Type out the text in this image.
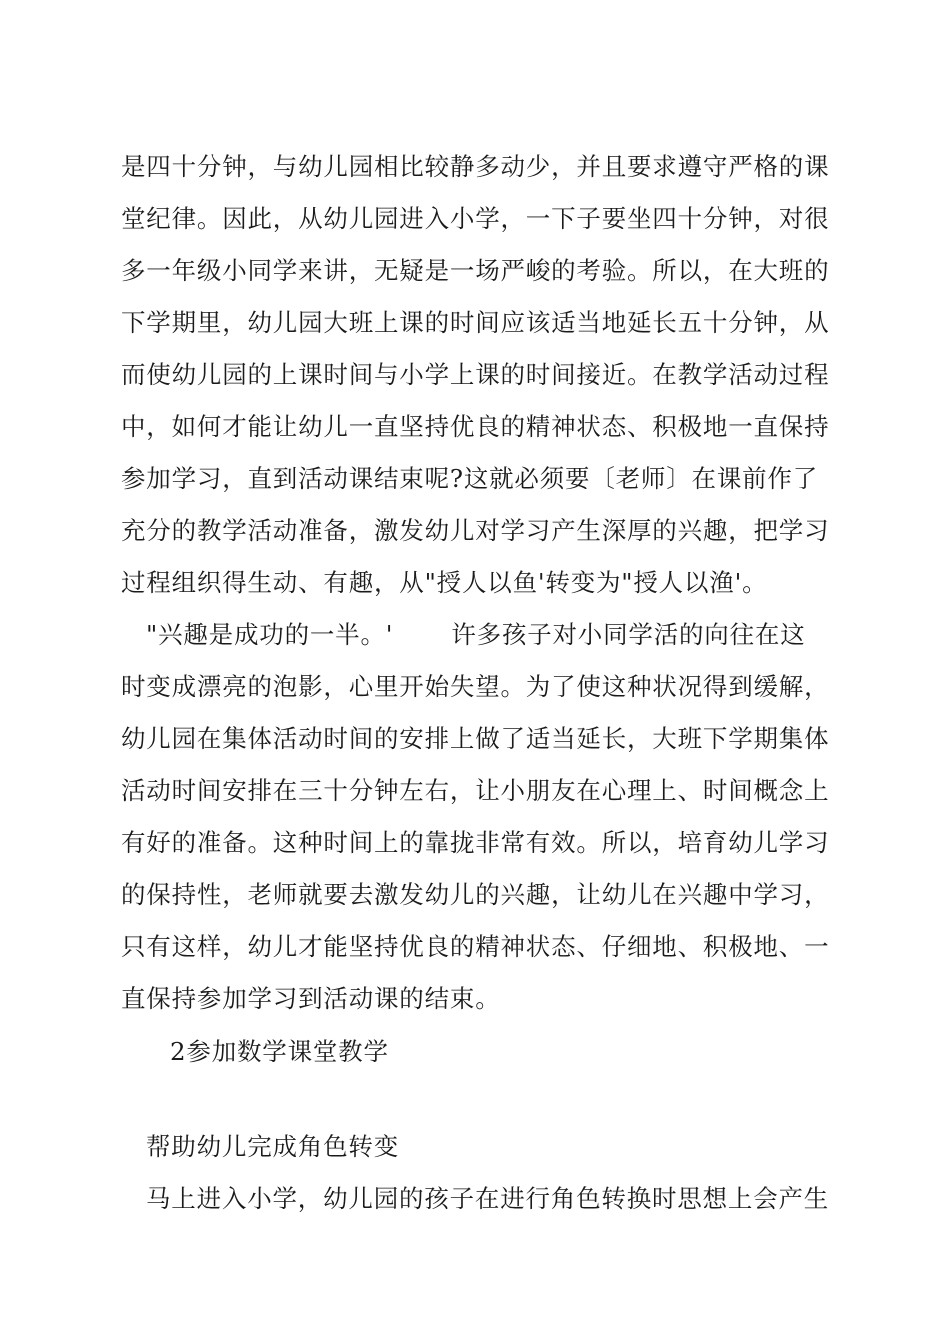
是四十分钟，与幼儿园相比较静多动少，并且要求遵守严格的课
堂纪律。因此，从幼儿园进入小学，一下子要坐四十分钟，对很
多一年级小同学来讲，无疑是一场严峻的考验。所以，在大班的
下学期里，幼儿园大班上课的时间应该适当地延长五十分钟，从
而使幼儿园的上课时间与小学上课的时间接近。在教学活动过程
中，如何才能让幼儿一直坚持优良的精神状态、积极地一直保持
参加学习，直到活动课结束呢?这就必须要〔老师〕在课前作了
充分的教学活动准备，激发幼儿对学习产生深厚的兴趣，把学习
过程组织得生动、有趣，从"授人以鱼'转变为"授人以渔'。
"兴趣是成功的一半。' 许多孩子对小同学活的向往在这
时变成漂亮的泡影，心里开始失望。为了使这种状况得到缓解，
幼儿园在集体活动时间的安排上做了适当延长，大班下学期集体
活动时间安排在三十分钟左右，让小朋友在心理上、时间概念上
有好的准备。这种时间上的靠拢非常有效。所以，培育幼儿学习
的保持性，老师就要去激发幼儿的兴趣，让幼儿在兴趣中学习，
只有这样，幼儿才能坚持优良的精神状态、仔细地、积极地、一
直保持参加学习到活动课的结束。
2参加数学课堂教学
帮助幼儿完成角色转变
马上进入小学，幼儿园的孩子在进行角色转换时思想上会产生
